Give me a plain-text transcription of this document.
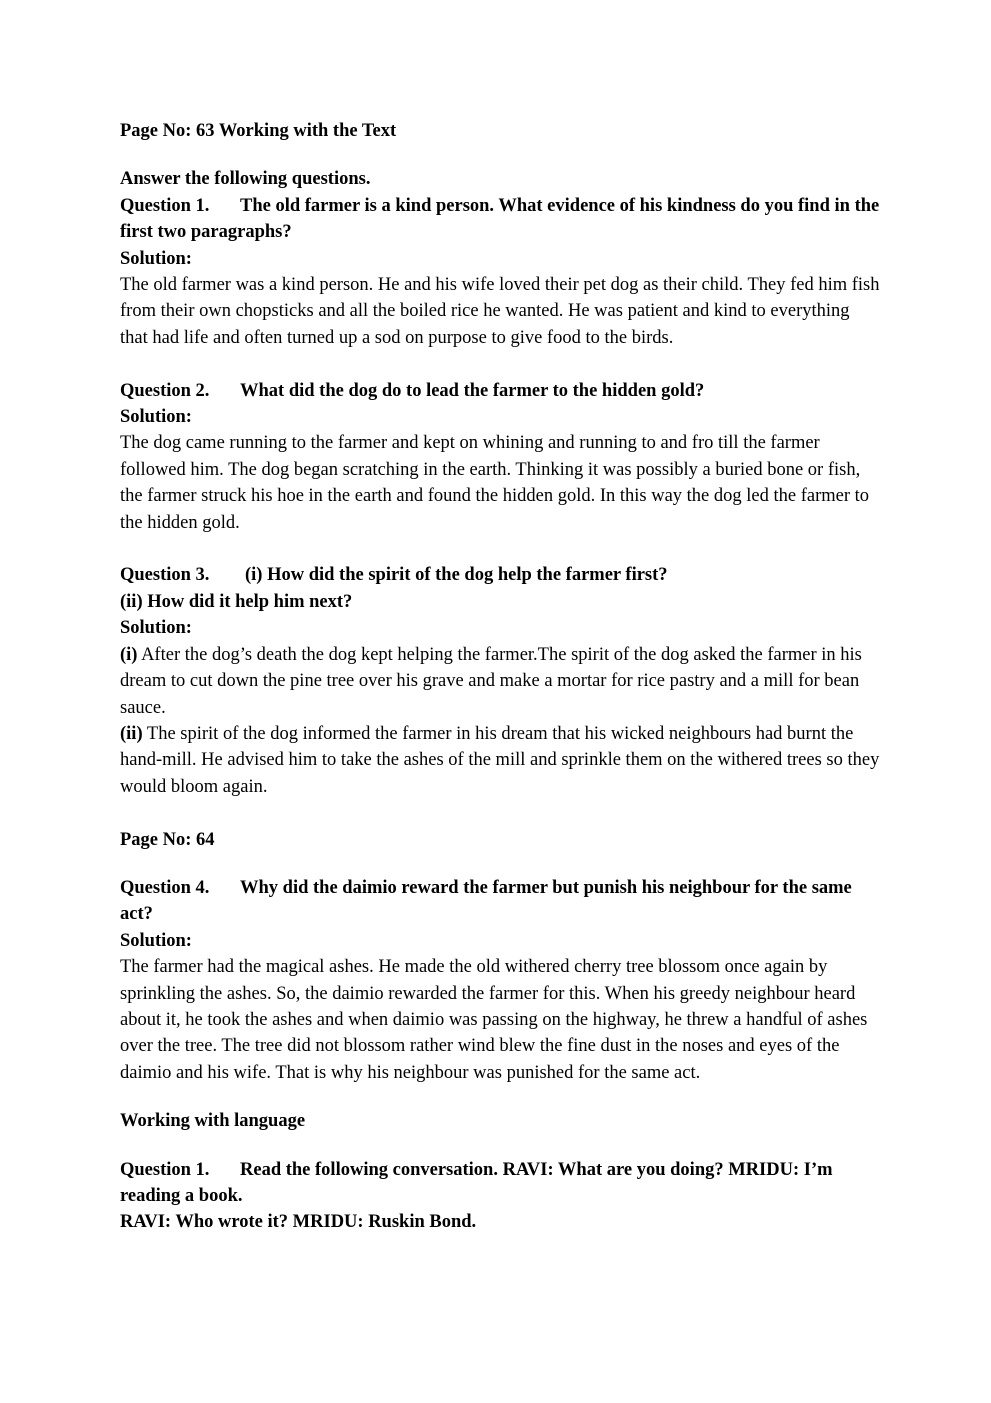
Page No: 63 Working with the Text

Answer the following questions.

Question 1. The old farmer is a kind person. What evidence of his kindness do you find in the first two paragraphs?

Solution:

The old farmer was a kind person. He and his wife loved their pet dog as their child. They fed him fish from their own chopsticks and all the boiled rice he wanted. He was patient and kind to everything that had life and often turned up a sod on purpose to give food to the birds.

Question 2. What did the dog do to lead the farmer to the hidden gold?

Solution:

The dog came running to the farmer and kept on whining and running to and fro till the farmer followed him. The dog began scratching in the earth. Thinking it was possibly a buried bone or fish, the farmer struck his hoe in the earth and found the hidden gold. In this way the dog led the farmer to the hidden gold.

Question 3. (i) How did the spirit of the dog help the farmer first?

(ii) How did it help him next?

Solution:

(i) After the dog’s death the dog kept helping the farmer.The spirit of the dog asked the farmer in his dream to cut down the pine tree over his grave and make a mortar for rice pastry and a mill for bean sauce.

(ii) The spirit of the dog informed the farmer in his dream that his wicked neighbours had burnt the hand-mill. He advised him to take the ashes of the mill and sprinkle them on the withered trees so they would bloom again.

Page No: 64

Question 4. Why did the daimio reward the farmer but punish his neighbour for the same act?

Solution:

The farmer had the magical ashes. He made the old withered cherry tree blossom once again by sprinkling the ashes. So, the daimio rewarded the farmer for this. When his greedy neighbour heard about it, he took the ashes and when daimio was passing on the highway, he threw a handful of ashes over the tree. The tree did not blossom rather wind blew the fine dust in the noses and eyes of the daimio and his wife. That is why his neighbour was punished for the same act.

Working with language

Question 1. Read the following conversation. RAVI: What are you doing? MRIDU: I’m reading a book.

RAVI: Who wrote it? MRIDU: Ruskin Bond.
